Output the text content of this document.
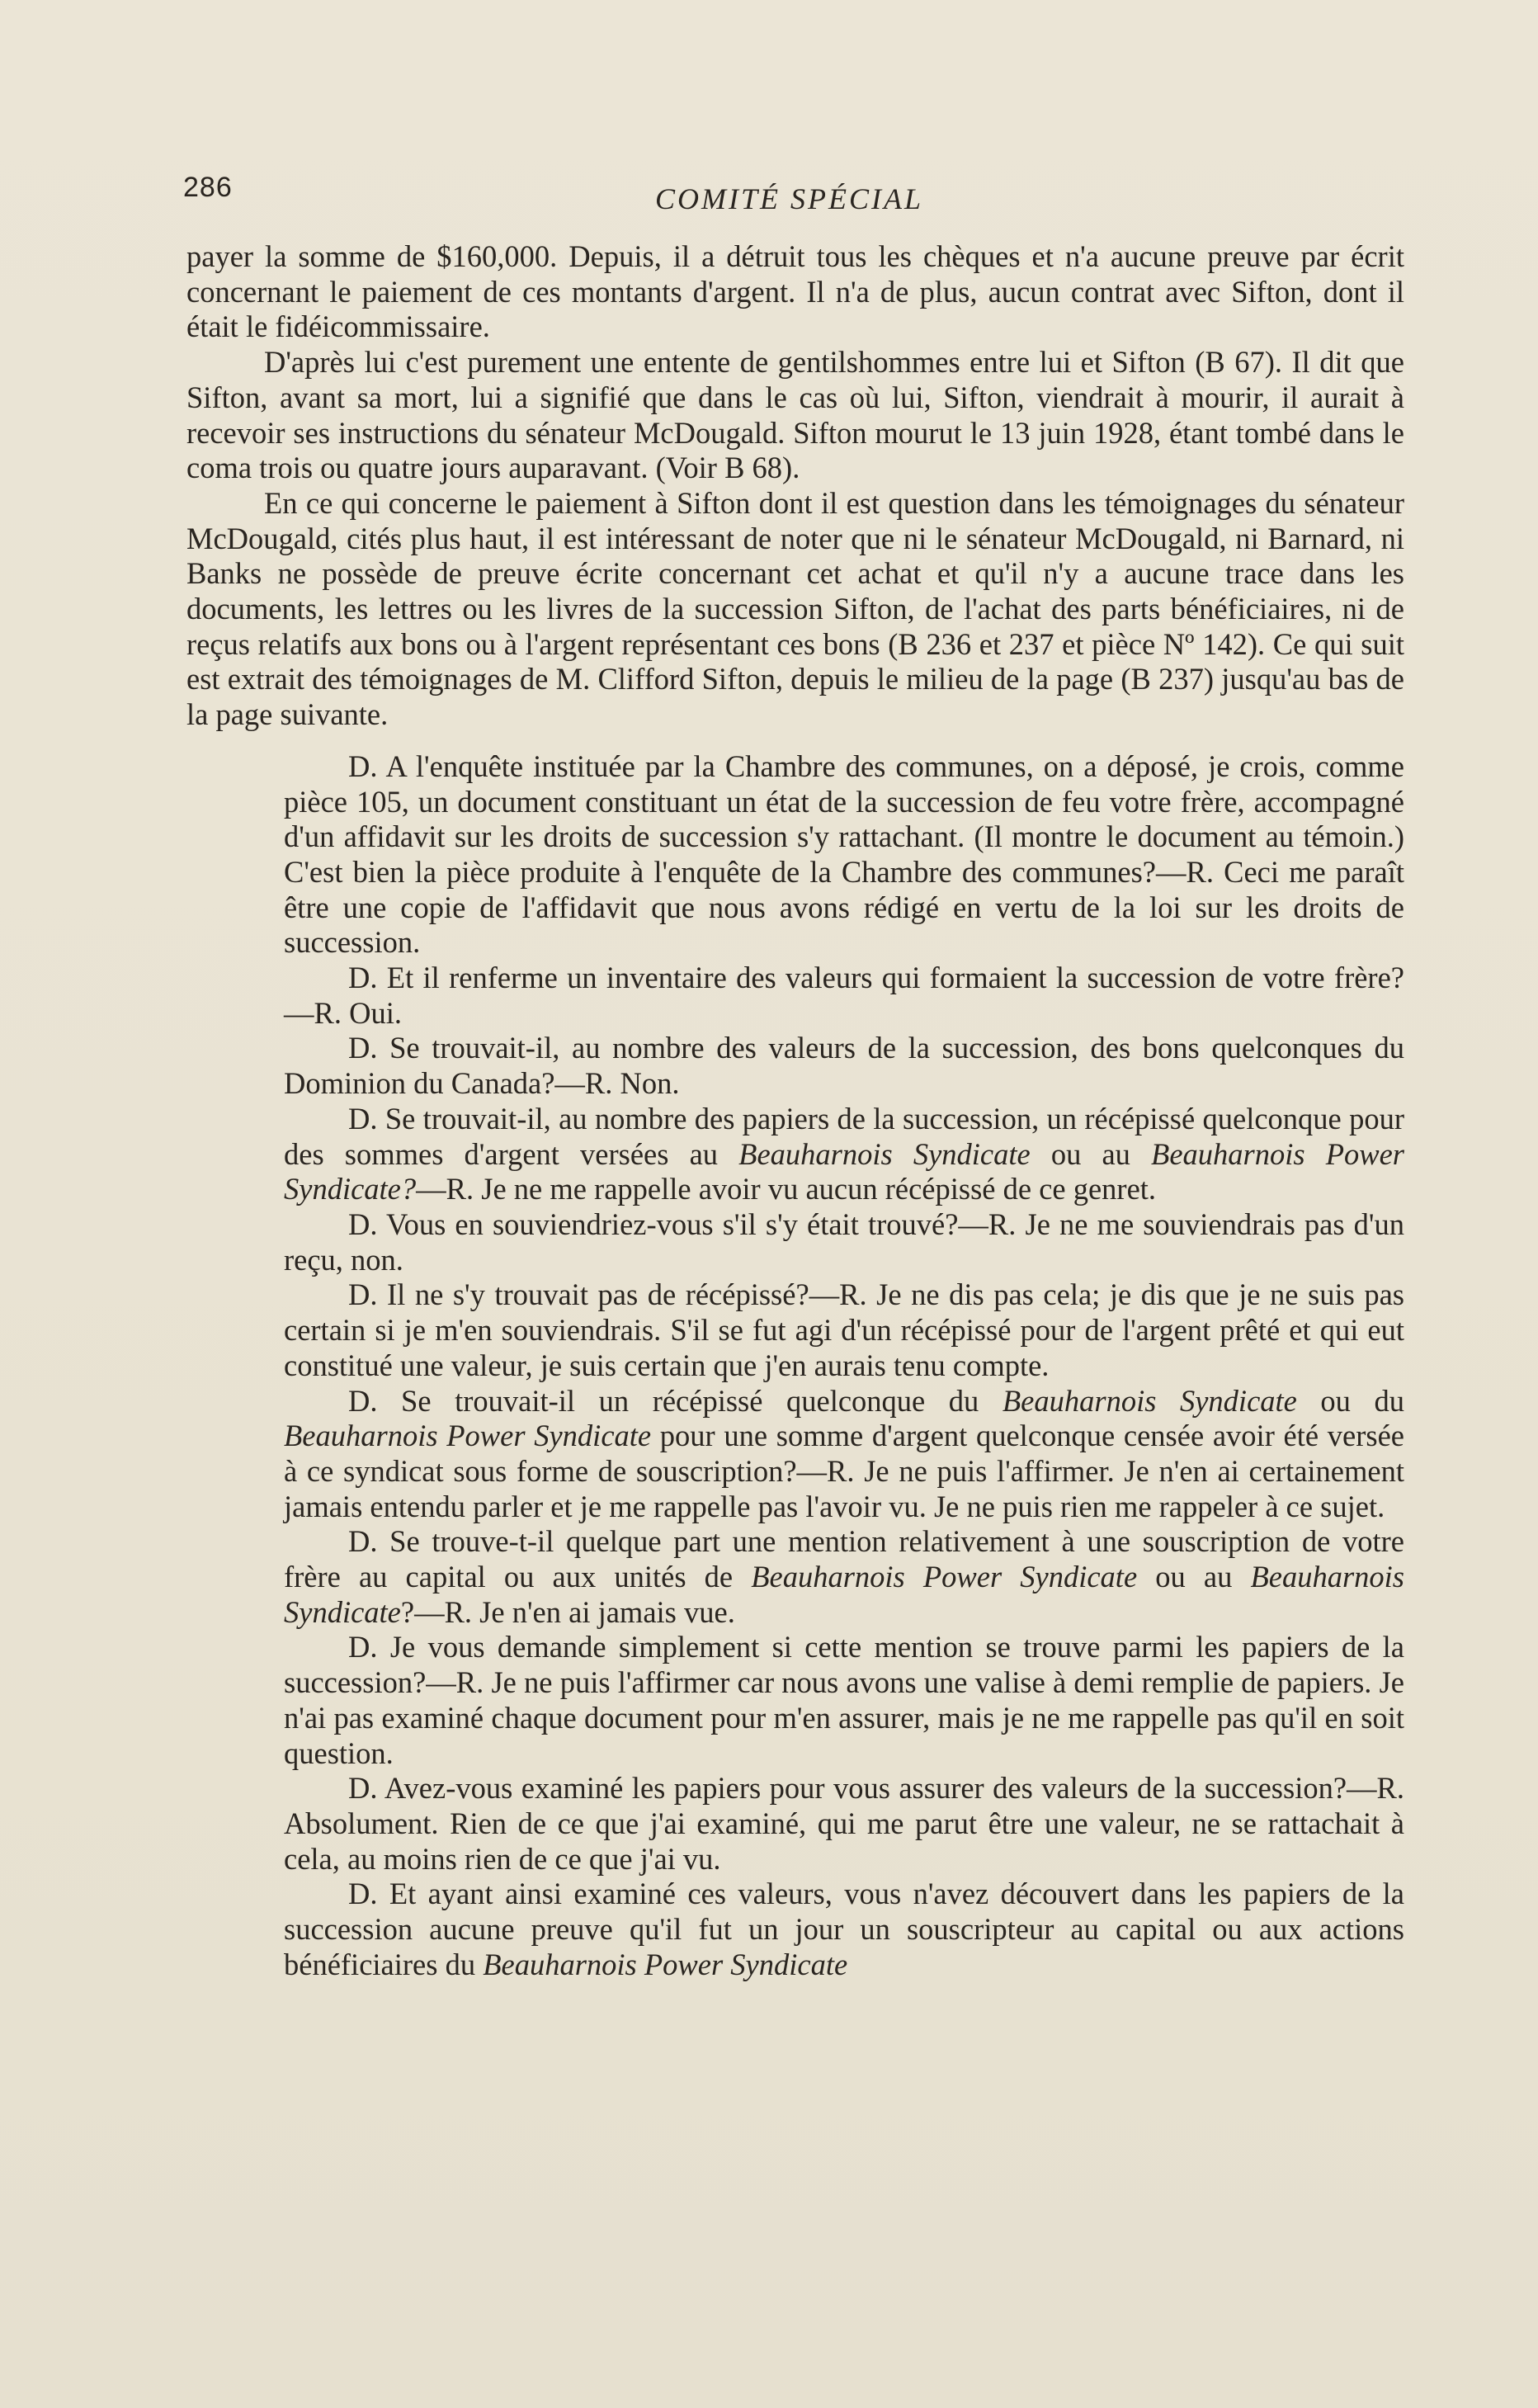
286	COMITÉ SPÉCIAL

payer la somme de $160,000. Depuis, il a détruit tous les chèques et n'a aucune preuve par écrit concernant le paiement de ces montants d'argent. Il n'a de plus, aucun contrat avec Sifton, dont il était le fidéicommissaire.

D'après lui c'est purement une entente de gentilshommes entre lui et Sifton (B 67). Il dit que Sifton, avant sa mort, lui a signifié que dans le cas où lui, Sifton, viendrait à mourir, il aurait à recevoir ses instructions du sénateur McDougald. Sifton mourut le 13 juin 1928, étant tombé dans le coma trois ou quatre jours auparavant. (Voir B 68).

En ce qui concerne le paiement à Sifton dont il est question dans les témoignages du sénateur McDougald, cités plus haut, il est intéressant de noter que ni le sénateur McDougald, ni Barnard, ni Banks ne possède de preuve écrite concernant cet achat et qu'il n'y a aucune trace dans les documents, les lettres ou les livres de la succession Sifton, de l'achat des parts bénéficiaires, ni de reçus relatifs aux bons ou à l'argent représentant ces bons (B 236 et 237 et pièce Nº 142). Ce qui suit est extrait des témoignages de M. Clifford Sifton, depuis le milieu de la page (B 237) jusqu'au bas de la page suivante.

D. A l'enquête instituée par la Chambre des communes, on a déposé, je crois, comme pièce 105, un document constituant un état de la succession de feu votre frère, accompagné d'un affidavit sur les droits de succession s'y rattachant. (Il montre le document au témoin.) C'est bien la pièce produite à l'enquête de la Chambre des communes?—R. Ceci me paraît être une copie de l'affidavit que nous avons rédigé en vertu de la loi sur les droits de succession.

D. Et il renferme un inventaire des valeurs qui formaient la succession de votre frère?—R. Oui.

D. Se trouvait-il, au nombre des valeurs de la succession, des bons quelconques du Dominion du Canada?—R. Non.

D. Se trouvait-il, au nombre des papiers de la succession, un récépissé quelconque pour des sommes d'argent versées au Beauharnois Syndicate ou au Beauharnois Power Syndicate?—R. Je ne me rappelle avoir vu aucun récépissé de ce genret.

D. Vous en souviendriez-vous s'il s'y était trouvé?—R. Je ne me souviendrais pas d'un reçu, non.

D. Il ne s'y trouvait pas de récépissé?—R. Je ne dis pas cela; je dis que je ne suis pas certain si je m'en souviendrais. S'il se fut agi d'un récépissé pour de l'argent prêté et qui eut constitué une valeur, je suis certain que j'en aurais tenu compte.

D. Se trouvait-il un récépissé quelconque du Beauharnois Syndicate ou du Beauharnois Power Syndicate pour une somme d'argent quelconque censée avoir été versée à ce syndicat sous forme de souscription?—R. Je ne puis l'affirmer. Je n'en ai certainement jamais entendu parler et je me rappelle pas l'avoir vu. Je ne puis rien me rappeler à ce sujet.

D. Se trouve-t-il quelque part une mention relativement à une souscription de votre frère au capital ou aux unités de Beauharnois Power Syndicate ou au Beauharnois Syndicate?—R. Je n'en ai jamais vue.

D. Je vous demande simplement si cette mention se trouve parmi les papiers de la succession?—R. Je ne puis l'affirmer car nous avons une valise à demi remplie de papiers. Je n'ai pas examiné chaque document pour m'en assurer, mais je ne me rappelle pas qu'il en soit question.

D. Avez-vous examiné les papiers pour vous assurer des valeurs de la succession?—R. Absolument. Rien de ce que j'ai examiné, qui me parut être une valeur, ne se rattachait à cela, au moins rien de ce que j'ai vu.

D. Et ayant ainsi examiné ces valeurs, vous n'avez découvert dans les papiers de la succession aucune preuve qu'il fut un jour un souscripteur au capital ou aux actions bénéficiaires du Beauharnois Power Syndicate
